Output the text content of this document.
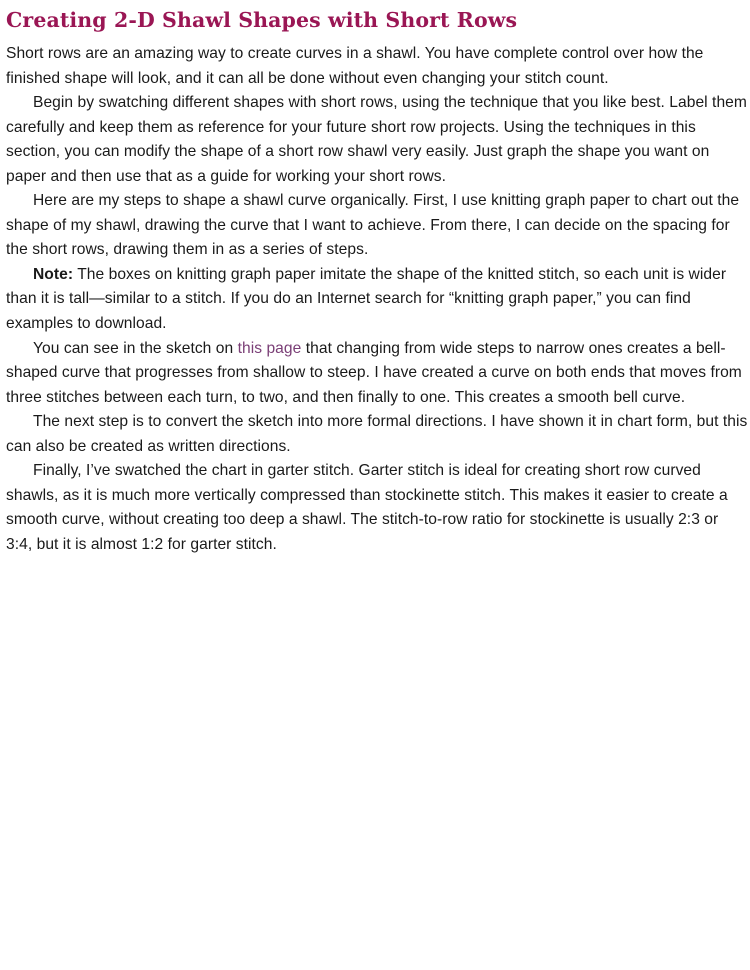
Creating 2-D Shawl Shapes with Short Rows

Short rows are an amazing way to create curves in a shawl. You have complete control over how the finished shape will look, and it can all be done without even changing your stitch count.

Begin by swatching different shapes with short rows, using the technique that you like best. Label them carefully and keep them as reference for your future short row projects. Using the techniques in this section, you can modify the shape of a short row shawl very easily. Just graph the shape you want on paper and then use that as a guide for working your short rows.

Here are my steps to shape a shawl curve organically. First, I use knitting graph paper to chart out the shape of my shawl, drawing the curve that I want to achieve. From there, I can decide on the spacing for the short rows, drawing them in as a series of steps.

Note: The boxes on knitting graph paper imitate the shape of the knitted stitch, so each unit is wider than it is tall—similar to a stitch. If you do an Internet search for “knitting graph paper,” you can find examples to download.

You can see in the sketch on this page that changing from wide steps to narrow ones creates a bell-shaped curve that progresses from shallow to steep. I have created a curve on both ends that moves from three stitches between each turn, to two, and then finally to one. This creates a smooth bell curve.

The next step is to convert the sketch into more formal directions. I have shown it in chart form, but this can also be created as written directions.

Finally, I’ve swatched the chart in garter stitch. Garter stitch is ideal for creating short row curved shawls, as it is much more vertically compressed than stockinette stitch. This makes it easier to create a smooth curve, without creating too deep a shawl. The stitch-to-row ratio for stockinette is usually 2:3 or 3:4, but it is almost 1:2 for garter stitch.
